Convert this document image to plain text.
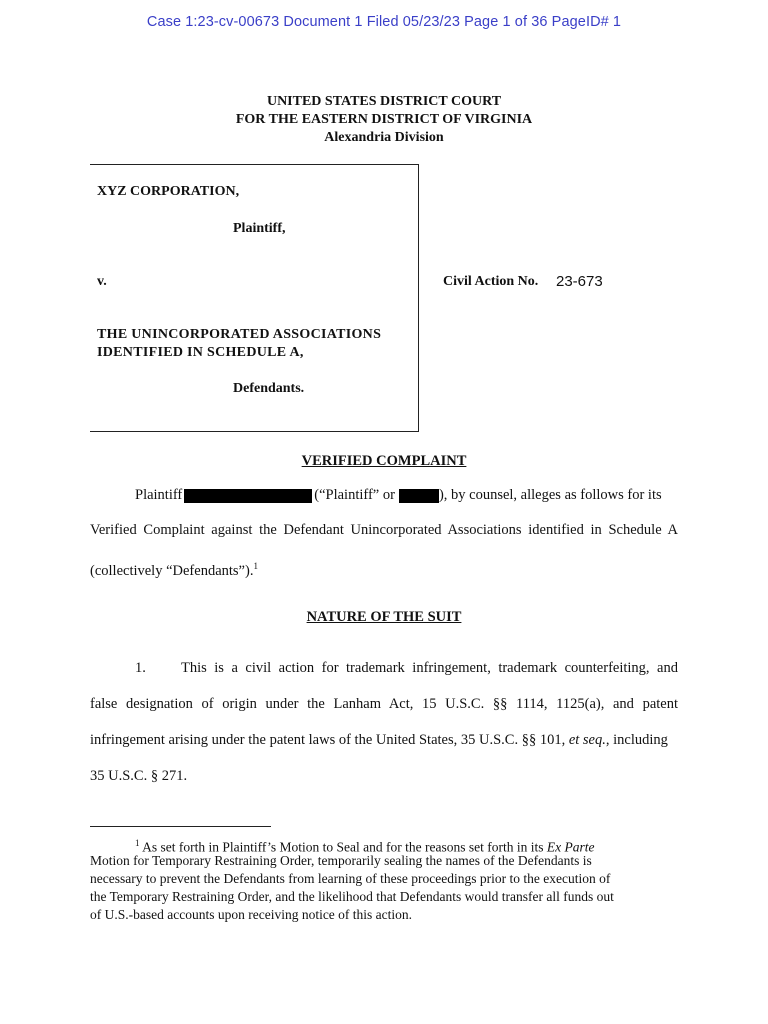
Case 1:23-cv-00673 Document 1 Filed 05/23/23 Page 1 of 36 PageID# 1
UNITED STATES DISTRICT COURT
FOR THE EASTERN DISTRICT OF VIRGINIA
Alexandria Division
XYZ CORPORATION,
Plaintiff,
v.
THE UNINCORPORATED ASSOCIATIONS
IDENTIFIED IN SCHEDULE A,
Defendants.
Civil Action No. 23-673
VERIFIED COMPLAINT
Plaintiff	(“Plaintiff” or	), by counsel, alleges as follows for its
Verified Complaint against the Defendant Unincorporated Associations identified in Schedule A
(collectively “Defendants”).$^1$
NATURE OF THE SUIT
1. This is a civil action for trademark infringement, trademark counterfeiting, and
false designation of origin under the Lanham Act, 15 U.S.C. §§ 1114, 1125(a), and patent
infringement arising under the patent laws of the United States, 35 U.S.C. §§ 101, et seq., including
35 U.S.C. § 271.
$^1$ As set forth in Plaintiff’s Motion to Seal and for the reasons set forth in its Ex Parte
Motion for Temporary Restraining Order, temporarily sealing the names of the Defendants is
necessary to prevent the Defendants from learning of these proceedings prior to the execution of
the Temporary Restraining Order, and the likelihood that Defendants would transfer all funds out
of U.S.-based accounts upon receiving notice of this action.
